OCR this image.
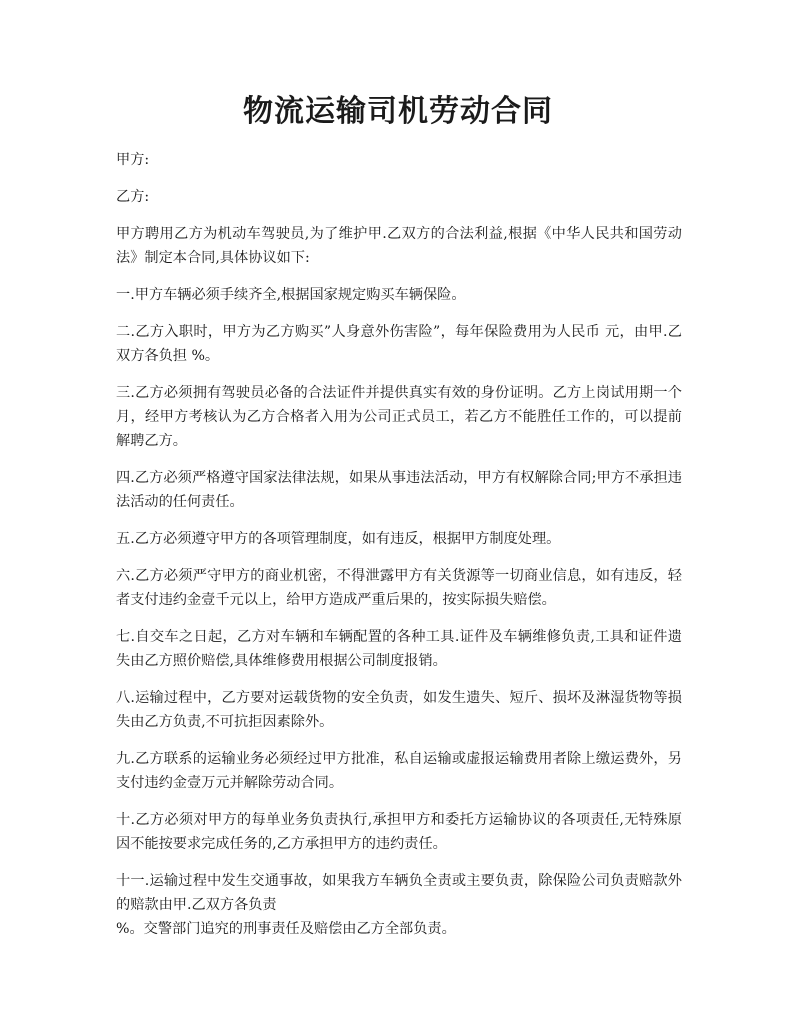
物流运输司机劳动合同

甲方:

乙方:

甲方聘用乙方为机动车驾驶员,为了维护甲.乙双方的合法利益,根据《中华人民共和国劳动法》制定本合同,具体协议如下:

一.甲方车辆必须手续齐全,根据国家规定购买车辆保险。

二.乙方入职时，甲方为乙方购买”人身意外伤害险”，每年保险费用为人民币 元，由甲.乙双方各负担 %。

三.乙方必须拥有驾驶员必备的合法证件并提供真实有效的身份证明。乙方上岗试用期一个月，经甲方考核认为乙方合格者入用为公司正式员工，若乙方不能胜任工作的，可以提前解聘乙方。

四.乙方必须严格遵守国家法律法规，如果从事违法活动，甲方有权解除合同;甲方不承担违法活动的任何责任。

五.乙方必须遵守甲方的各项管理制度，如有违反，根据甲方制度处理。

六.乙方必须严守甲方的商业机密，不得泄露甲方有关货源等一切商业信息，如有违反，轻者支付违约金壹千元以上，给甲方造成严重后果的，按实际损失赔偿。

七.自交车之日起，乙方对车辆和车辆配置的各种工具.证件及车辆维修负责,工具和证件遗失由乙方照价赔偿,具体维修费用根据公司制度报销。

八.运输过程中，乙方要对运载货物的安全负责，如发生遗失、短斤、损坏及淋湿货物等损失由乙方负责,不可抗拒因素除外。

九.乙方联系的运输业务必须经过甲方批准，私自运输或虚报运输费用者除上缴运费外，另支付违约金壹万元并解除劳动合同。

十.乙方必须对甲方的每单业务负责执行,承担甲方和委托方运输协议的各项责任,无特殊原因不能按要求完成任务的,乙方承担甲方的违约责任。

十一.运输过程中发生交通事故，如果我方车辆负全责或主要负责，除保险公司负责赔款外的赔款由甲.乙双方各负责

%。交警部门追究的刑事责任及赔偿由乙方全部负责。
